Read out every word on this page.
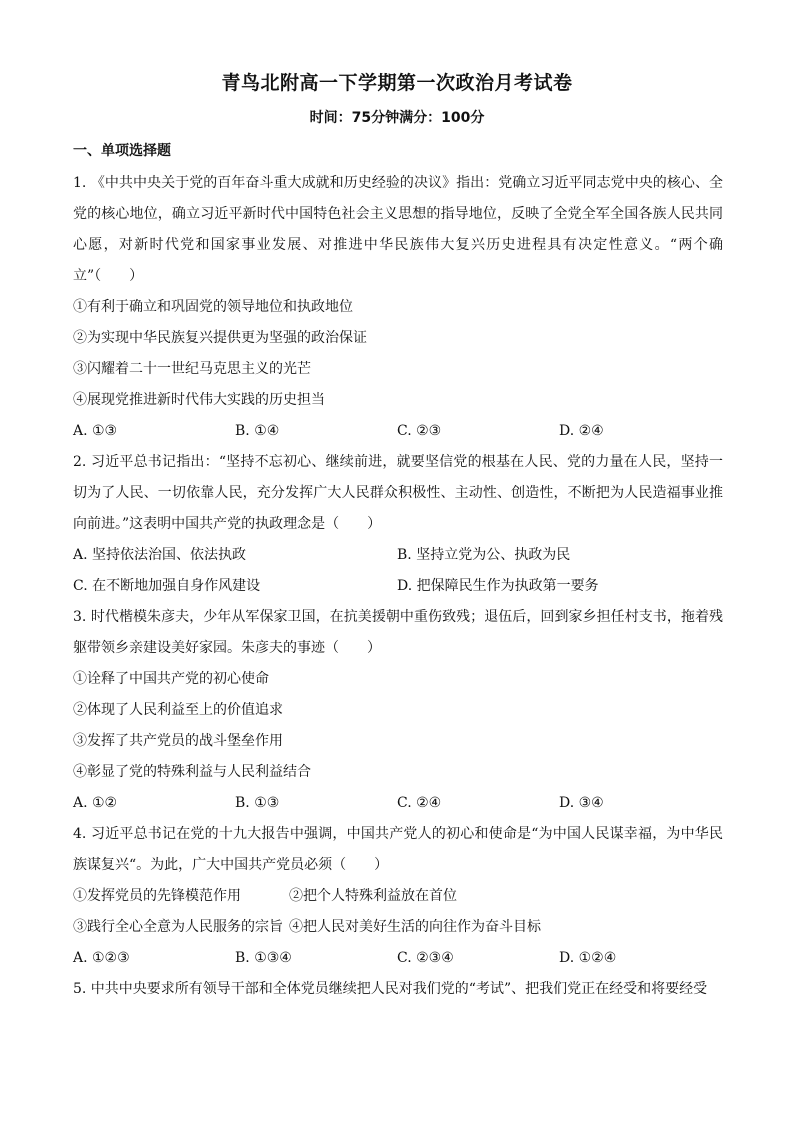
青鸟北附高一下学期第一次政治月考试卷
时间：75分钟满分：100分
一、单项选择题
1. 《中共中央关于党的百年奋斗重大成就和历史经验的决议》指出：党确立习近平同志党中央的核心、全党的核心地位，确立习近平新时代中国特色社会主义思想的指导地位，反映了全党全军全国各族人民共同心愿，对新时代党和国家事业发展、对推进中华民族伟大复兴历史进程具有决定性意义。“两个确立”（　　）
①有利于确立和巩固党的领导地位和执政地位
②为实现中华民族复兴提供更为坚强的政治保证
③闪耀着二十一世纪马克思主义的光芒
④展现党推进新时代伟大实践的历史担当
A. ①③	B. ①④	C. ②③	D. ②④
2. 习近平总书记指出：“坚持不忘初心、继续前进，就要坚信党的根基在人民、党的力量在人民，坚持一切为了人民、一切依靠人民，充分发挥广大人民群众积极性、主动性、创造性，不断把为人民造福事业推向前进。”这表明中国共产党的执政理念是（　　）
A. 坚持依法治国、依法执政	B. 坚持立党为公、执政为民
C. 在不断地加强自身作风建设	D. 把保障民生作为执政第一要务
3. 时代楷模朱彦夫，少年从军保家卫国，在抗美援朝中重伤致残；退伍后，回到家乡担任村支书，拖着残躯带领乡亲建设美好家园。朱彦夫的事迹（　　）
①诠释了中国共产党的初心使命
②体现了人民利益至上的价值追求
③发挥了共产党员的战斗堡垒作用
④彰显了党的特殊利益与人民利益结合
A. ①②	B. ①③	C. ②④	D. ③④
4. 习近平总书记在党的十九大报告中强调，中国共产党人的初心和使命是“为中国人民谋幸福，为中华民族谋复兴“。为此，广大中国共产党员必须（　　）
①发挥党员的先锋模范作用	②把个人特殊利益放在首位
③践行全心全意为人民服务的宗旨 ④把人民对美好生活的向往作为奋斗目标
A. ①②③	B. ①③④	C. ②③④	D. ①②④
5. 中共中央要求所有领导干部和全体党员继续把人民对我们党的“考试”、把我们党正在经受和将要经受
